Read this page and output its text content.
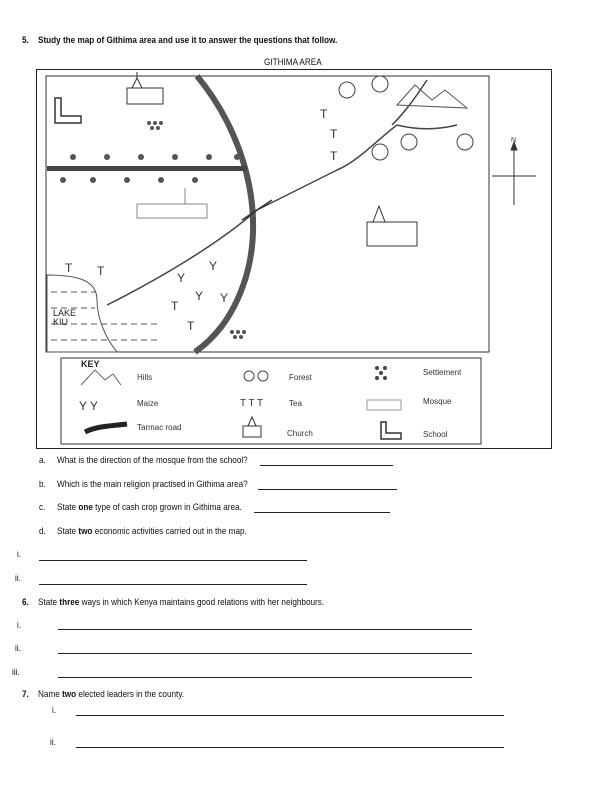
5. Study the map of Githima area and use it to answer the questions that follow.
GITHIMA AREA
T
T
T
T T
T
T
Y
Y
Y Y
LAKE
KIU
N
KEY
Hills	Forest
Settlement
Maize	Tea	Mosque
Tarmac road
Church	School
Y Y	T T T
a. What is the direction of the mosque from the school?
b. Which is the main religion practised in Githima area?
c. State one type of cash crop grown in Githima area.
d. State two economic activities carried out in the map.
i.
ii.
6. State three ways in which Kenya maintains good relations with her neighbours.
i.
ii.
iii.
7. Name two elected leaders in the county.
i.
ii.
